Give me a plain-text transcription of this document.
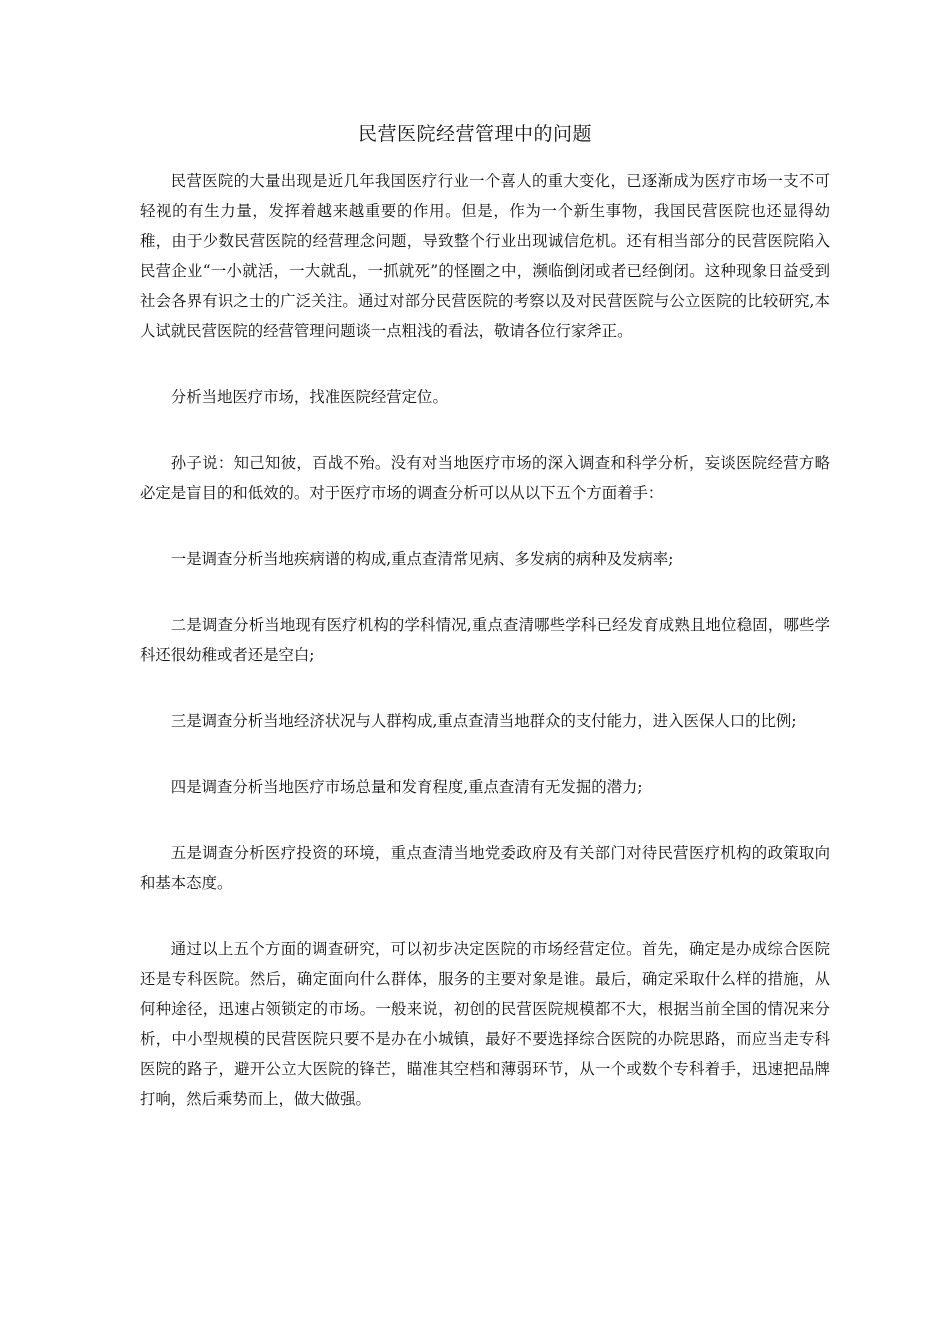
民营医院经营管理中的问题

民营医院的大量出现是近几年我国医疗行业一个喜人的重大变化，已逐渐成为医疗市场一支不可轻视的有生力量，发挥着越来越重要的作用。但是，作为一个新生事物，我国民营医院也还显得幼稚，由于少数民营医院的经营理念问题，导致整个行业出现诚信危机。还有相当部分的民营医院陷入民营企业“一小就活，一大就乱，一抓就死”的怪圈之中，濒临倒闭或者已经倒闭。这种现象日益受到社会各界有识之士的广泛关注。通过对部分民营医院的考察以及对民营医院与公立医院的比较研究,本人试就民营医院的经营管理问题谈一点粗浅的看法，敬请各位行家斧正。

分析当地医疗市场，找准医院经营定位。

孙子说：知己知彼，百战不殆。没有对当地医疗市场的深入调查和科学分析，妄谈医院经营方略必定是盲目的和低效的。对于医疗市场的调查分析可以从以下五个方面着手：

一是调查分析当地疾病谱的构成,重点查清常见病、多发病的病种及发病率;

二是调查分析当地现有医疗机构的学科情况,重点查清哪些学科已经发育成熟且地位稳固，哪些学科还很幼稚或者还是空白;

三是调查分析当地经济状况与人群构成,重点查清当地群众的支付能力，进入医保人口的比例;

四是调查分析当地医疗市场总量和发育程度,重点查清有无发掘的潜力;

五是调查分析医疗投资的环境，重点查清当地党委政府及有关部门对待民营医疗机构的政策取向和基本态度。

通过以上五个方面的调查研究，可以初步决定医院的市场经营定位。首先，确定是办成综合医院还是专科医院。然后，确定面向什么群体，服务的主要对象是谁。最后，确定采取什么样的措施，从何种途径，迅速占领锁定的市场。一般来说，初创的民营医院规模都不大，根据当前全国的情况来分析，中小型规模的民营医院只要不是办在小城镇，最好不要选择综合医院的办院思路，而应当走专科医院的路子，避开公立大医院的锋芒，瞄准其空档和薄弱环节，从一个或数个专科着手，迅速把品牌打响，然后乘势而上，做大做强。
